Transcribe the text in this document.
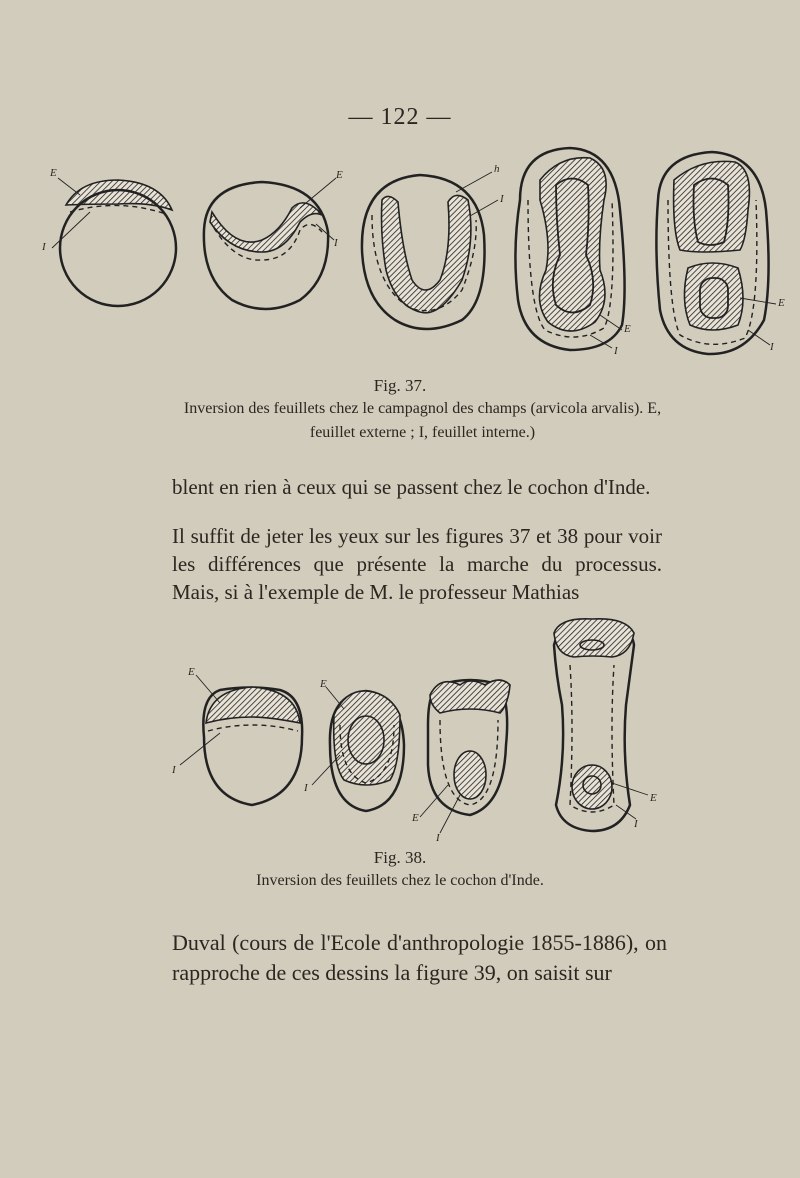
— 122 —
E
I
E
I
h
I
E
I
E
I
Fig. 37.
Inversion des feuillets chez le campagnol des champs (arvicola arvalis). E, feuillet externe ; I, feuillet interne.)
blent en rien à ceux qui se passent chez le cochon d'Inde.
Il suffit de jeter les yeux sur les figures 37 et 38 pour voir les différences que présente la marche du processus. Mais, si à l'exemple de M. le professeur Mathias
E
I
E
I
E
I
E
I
Fig. 38.
Inversion des feuillets chez le cochon d'Inde.
Duval (cours de l'Ecole d'anthropologie 1855-1886), on rapproche de ces dessins la figure 39, on saisit sur
